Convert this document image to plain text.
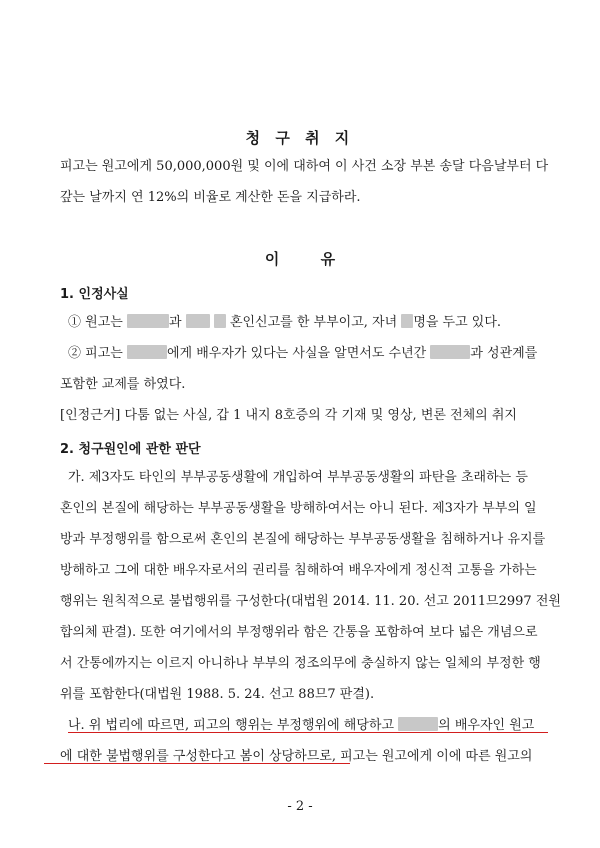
청 구 취 지
피고는 원고에게 50,000,000원 및 이에 대하여 이 사건 소장 부본 송달 다음날부터 다
갚는 날까지 연 12%의 비율로 계산한 돈을 지급하라.
이 유
1. 인정사실
① 원고는	과	혼인신고를 한 부부이고, 자녀 명을 두고 있다.
② 피고는	에게 배우자가 있다는 사실을 알면서도 수년간	과 성관계를
포함한 교제를 하였다.
[인정근거] 다툼 없는 사실, 갑 1 내지 8호증의 각 기재 및 영상, 변론 전체의 취지
2. 청구원인에 관한 판단
가. 제3자도 타인의 부부공동생활에 개입하여 부부공동생활의 파탄을 초래하는 등
혼인의 본질에 해당하는 부부공동생활을 방해하여서는 아니 된다. 제3자가 부부의 일
방과 부정행위를 함으로써 혼인의 본질에 해당하는 부부공동생활을 침해하거나 유지를
방해하고 그에 대한 배우자로서의 권리를 침해하여 배우자에게 정신적 고통을 가하는
행위는 원칙적으로 불법행위를 구성한다(대법원 2014. 11. 20. 선고 2011므2997 전원
합의체 판결). 또한 여기에서의 부정행위라 함은 간통을 포함하여 보다 넓은 개념으로
서 간통에까지는 이르지 아니하나 부부의 정조의무에 충실하지 않는 일체의 부정한 행
위를 포함한다(대법원 1988. 5. 24. 선고 88므7 판결).
나. 위 법리에 따르면, 피고의 행위는 부정행위에 해당하고	의 배우자인 원고
에 대한 불법행위를 구성한다고 봄이 상당하므로, 피고는 원고에게 이에 따른 원고의
- 2 -
